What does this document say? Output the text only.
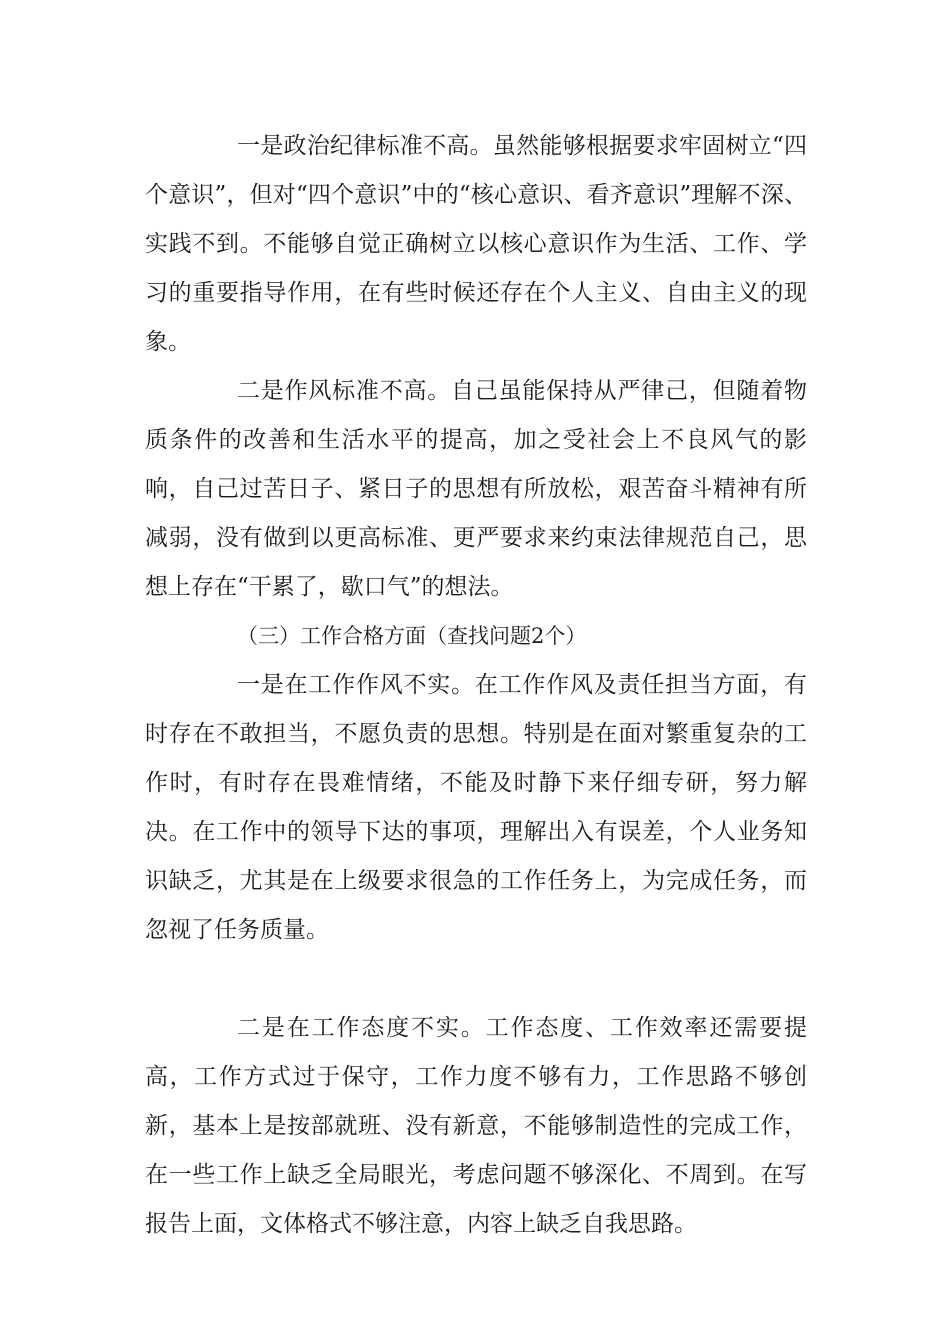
一是政治纪律标准不高。虽然能够根据要求牢固树立“四个意识”，但对“四个意识”中的“核心意识、看齐意识”理解不深、实践不到。不能够自觉正确树立以核心意识作为生活、工作、学习的重要指导作用，在有些时候还存在个人主义、自由主义的现象。

二是作风标准不高。自己虽能保持从严律己，但随着物质条件的改善和生活水平的提高，加之受社会上不良风气的影响，自己过苦日子、紧日子的思想有所放松，艰苦奋斗精神有所减弱，没有做到以更高标准、更严要求来约束法律规范自己，思想上存在“干累了，歇口气”的想法。

（三）工作合格方面（查找问题2个）

一是在工作作风不实。在工作作风及责任担当方面，有时存在不敢担当，不愿负责的思想。特别是在面对繁重复杂的工作时，有时存在畏难情绪，不能及时静下来仔细专研，努力解决。在工作中的领导下达的事项，理解出入有误差，个人业务知识缺乏，尤其是在上级要求很急的工作任务上，为完成任务，而忽视了任务质量。

二是在工作态度不实。工作态度、工作效率还需要提高，工作方式过于保守，工作力度不够有力，工作思路不够创新，基本上是按部就班、没有新意，不能够制造性的完成工作，在一些工作上缺乏全局眼光，考虑问题不够深化、不周到。在写报告上面，文体格式不够注意，内容上缺乏自我思路。
